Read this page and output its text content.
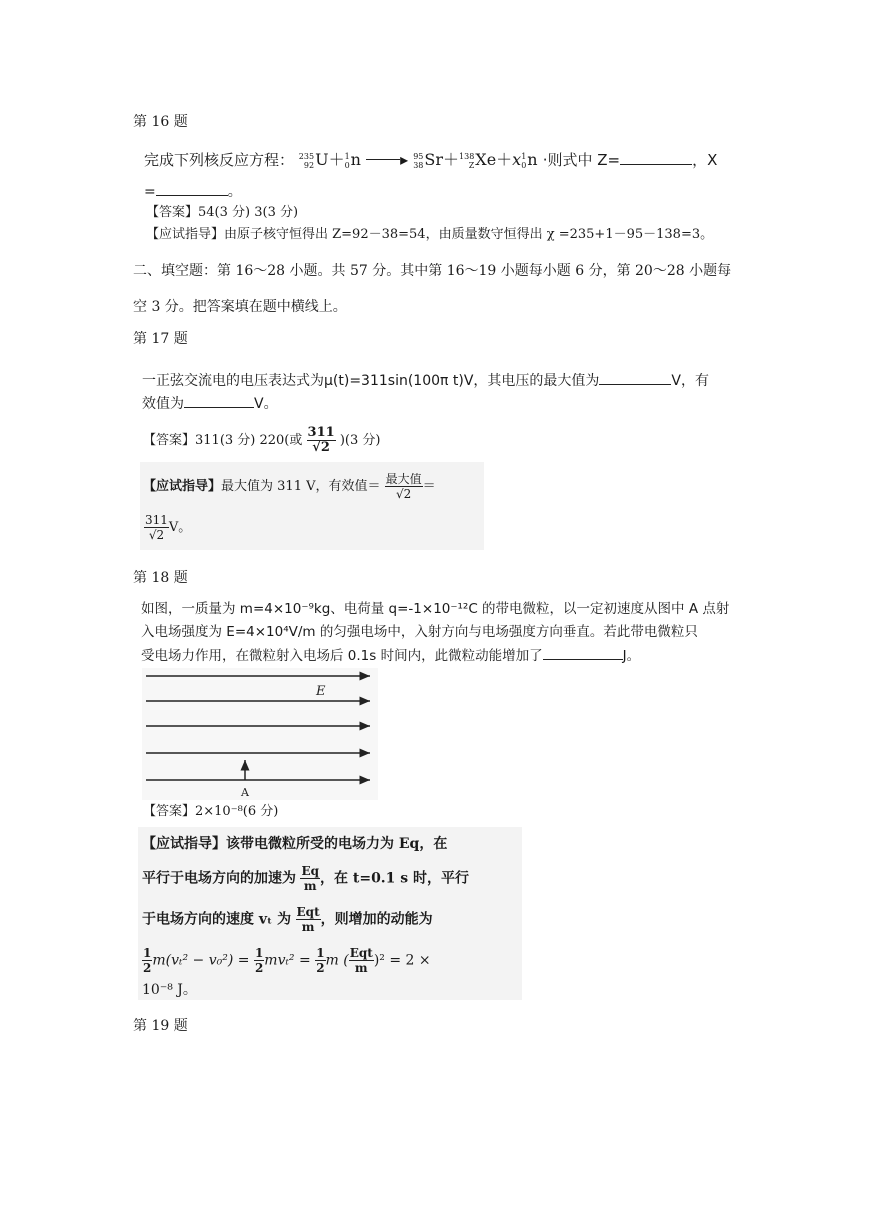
第 16 题
完成下列核反应方程： 235
92 U＋ 1
0 n ▸ 95
38 Sr＋ 138
Z Xe＋x 1
0 n ·则式中 Z=	，X
=	。
【答案】54(3 分) 3(3 分)
【应试指导】由原子核守恒得出 Z=92－38=54，由质量数守恒得出 χ =235+1－95－138=3。
二、填空题：第 16～28 小题。共 57 分。其中第 16～19 小题每小题 6 分，第 20～28 小题每
空 3 分。把答案填在题中横线上。
第 17 题
一正弦交流电的电压表达式为μ(t)=311sin(100π t)V，其电压的最大值为	V，有
效值为	V。
【答案】311(3 分) 220(或 $\frac{311}{√2} )(3$ 分)
【应试指导】最大值为 311 V，有效值＝ $\frac{\text{最大值}}{√2}$ ＝
$\frac{311}{√2}$ V。
第 18 题
如图，一质量为 m=4×10⁻⁹kg、电荷量 q=-1×10⁻¹²C 的带电微粒，以一定初速度从图中 A 点射
入电场强度为 E=4×10⁴V/m 的匀强电场中，入射方向与电场强度方向垂直。若此带电微粒只
受电场力作用，在微粒射入电场后 0.1s 时间内，此微粒动能增加了	J。
E
A
【答案】2×10⁻⁸(6 分)
【应试指导】该带电微粒所受的电场力为 Eq，在
平行于电场方向的加速为 $\frac{Eq}{m}$ ，在 t=0.1 s 时，平行
于电场方向的速度 vₜ 为 $\frac{\text{Eqt}}{m}$ ，则增加的动能为
$\frac{1}{2} m(v_t^2 - v_0^2) = \frac{1}{2} mv_t^2 = \frac{1}{2}$ m ( $\frac{\text{Eqt}}{m} )^2 = 2$ ×
10⁻⁸ J。
第 19 题
